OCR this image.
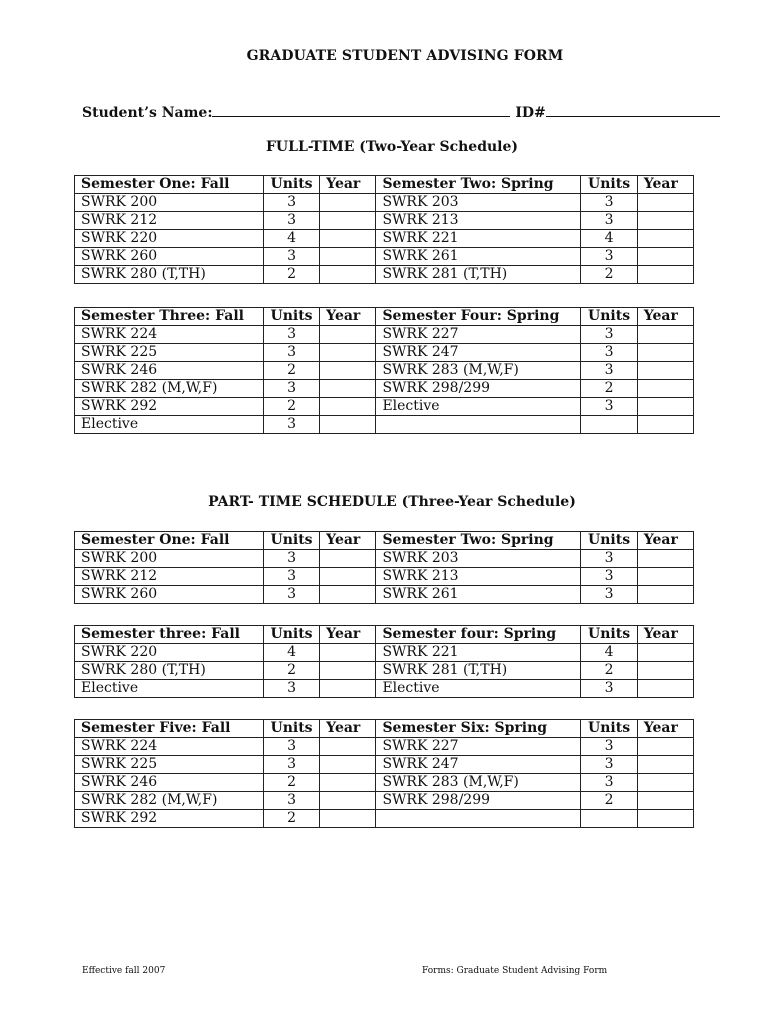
GRADUATE STUDENT ADVISING FORM
Student’s Name:	ID#
FULL-TIME (Two-Year Schedule)
Semester One: Fall	Units	Year	Semester Two: Spring	Units	Year
SWRK 200	3		SWRK 203	3	
SWRK 212	3		SWRK 213	3	
SWRK 220	4		SWRK 221	4	
SWRK 260	3		SWRK 261	3	
SWRK 280 (T,TH)	2		SWRK 281 (T,TH)	2	
Semester Three: Fall	Units	Year	Semester Four: Spring	Units	Year
SWRK 224	3		SWRK 227	3	
SWRK 225	3		SWRK 247	3	
SWRK 246	2		SWRK 283 (M,W,F)	3	
SWRK 282 (M,W,F)	3		SWRK 298/299	2	
SWRK 292	2		Elective	3	
Elective	3				
PART- TIME SCHEDULE (Three-Year Schedule)
Semester One: Fall	Units	Year	Semester Two: Spring	Units	Year
SWRK 200	3		SWRK 203	3	
SWRK 212	3		SWRK 213	3	
SWRK 260	3		SWRK 261	3	
Semester three: Fall	Units	Year	Semester four: Spring	Units	Year
SWRK 220	4		SWRK 221	4	
SWRK 280 (T,TH)	2		SWRK 281 (T,TH)	2	
Elective	3		Elective	3	
Semester Five: Fall	Units	Year	Semester Six: Spring	Units	Year
SWRK 224	3		SWRK 227	3	
SWRK 225	3		SWRK 247	3	
SWRK 246	2		SWRK 283 (M,W,F)	3	
SWRK 282 (M,W,F)	3		SWRK 298/299	2	
SWRK 292	2				
Effective fall 2007	Forms: Graduate Student Advising Form
